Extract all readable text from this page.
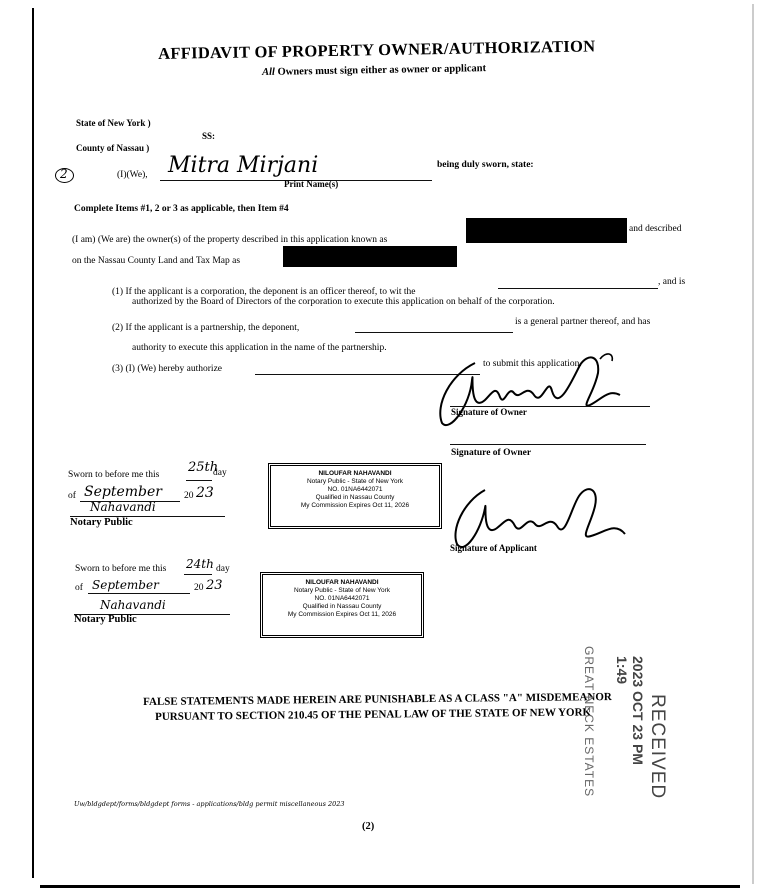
AFFIDAVIT OF PROPERTY OWNER/AUTHORIZATION
All Owners must sign either as owner or applicant
State of New York )
SS:
County of Nassau )
2	(I)(We), Mitra Mirjani
Print Name(s)
being duly sworn, state:
Complete Items #1, 2 or 3 as applicable, then Item #4
(I am) (We are) the owner(s) of the property described in this application known as
and described
on the Nassau County Land and Tax Map as
(1) If the applicant is a corporation, the deponent is an officer thereof, to wit the
, and is
authorized by the Board of Directors of the corporation to execute this application on behalf of the corporation.
(2) If the applicant is a partnership, the deponent,
is a general partner thereof, and has
authority to execute this application in the name of the partnership.
(3) (I) (We) hereby authorize	to submit this application.
Signature of Owner
Signature of Owner
Sworn to before me this 25th
day
of September 20 23
Nahavandi
Notary Public
NILOUFAR NAHAVANDI
Notary Public - State of New York
NO. 01NA6442071
Qualified in Nassau County
My Commission Expires Oct 11, 2026
Signature of Applicant
Sworn to before me this 24th day
of September	20 23
Nahavandi
Notary Public
NILOUFAR NAHAVANDI
Notary Public - State of New York
NO. 01NA6442071
Qualified in Nassau County
My Commission Expires Oct 11, 2026
FALSE STATEMENTS MADE HEREIN ARE PUNISHABLE AS A CLASS "A" MISDEMEANOR
PURSUANT TO SECTION 210.45 OF THE PENAL LAW OF THE STATE OF NEW YORK	RECEIVED
2023 OCT 23 PM 1:49
GREAT NECK ESTATES
Uw/bldgdept/forms/bldgdept forms - applications/bldg permit miscellaneous 2023
(2)
